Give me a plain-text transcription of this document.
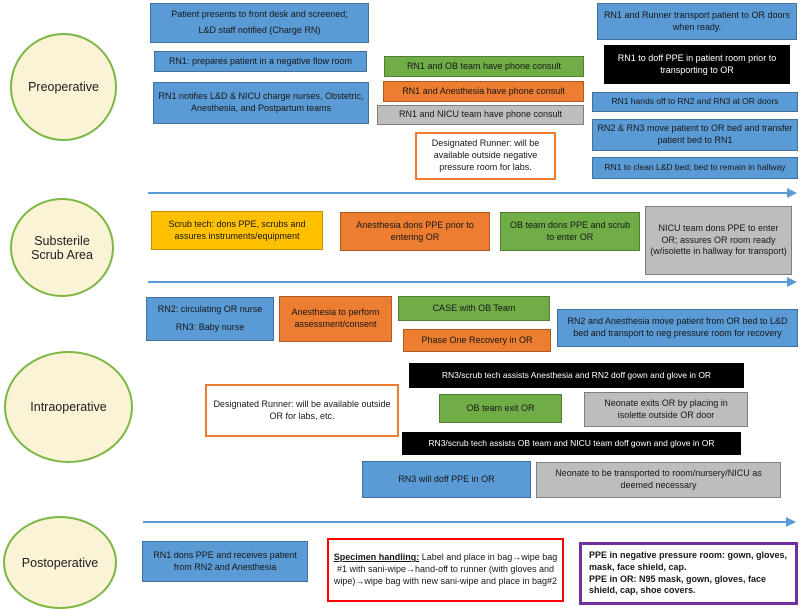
Preoperative
Substerile Scrub Area
Intraoperative
Postoperative
Patient presents to front desk and screened;
L&D staff notified (Charge RN)
RN1: prepares patient in a negative flow room
RN1 notifies L&D & NICU charge nurses, Obstetric, Anesthesia, and Postpartum teams
RN1 and OB team have phone consult
RN1 and Anesthesia have phone consult
RN1 and NICU team have phone consult
Designated Runner: will be available outside negative pressure room for labs.
RN1 and Runner transport patient to OR doors when ready.
RN1 to doff PPE in patient room prior to transporting to OR
RN1 hands off to RN2 and RN3 at OR doors
RN2 & RN3 move patient to OR bed and transfer patient bed to RN1
RN1 to clean L&D bed; bed to remain in hallway
Scrub tech: dons PPE, scrubs and assures instruments/equipment
Anesthesia dons PPE prior to entering OR
OB team dons PPE and scrub to enter OR
NICU team dons PPE to enter OR; assures OR room ready (w/isolette in hallway for transport)
RN2: circulating OR nurse
RN3: Baby nurse
Anesthesia to perform assessment/consent
CASE with OB Team
Phase One Recovery in OR
RN2 and Anesthesia move patient from OR bed to L&D bed and transport to neg pressure room for recovery
RN3/scrub tech assists Anesthesia and RN2 doff gown and glove in OR
Designated Runner: will be available outside OR for labs, etc.
OB team exit OR	Neonate exits OR by placing in isolette outside OR door
RN3/scrub tech assists OB team and NICU team doff gown and glove in OR
RN3 will doff PPE in OR
Neonate to be transported to room/nursery/NICU as deemed necessary
RN1 dons PPE and receives patient from RN2 and Anesthesia
Specimen handling: Label and place in bag→wipe bag #1 with sani-wipe→hand-off to runner (with gloves and wipe)→wipe bag with new sani-wipe and place in bag#2
PPE in negative pressure room: gown, gloves, mask, face shield, cap.
PPE in OR: N95 mask, gown, gloves, face shield, cap, shoe covers.
